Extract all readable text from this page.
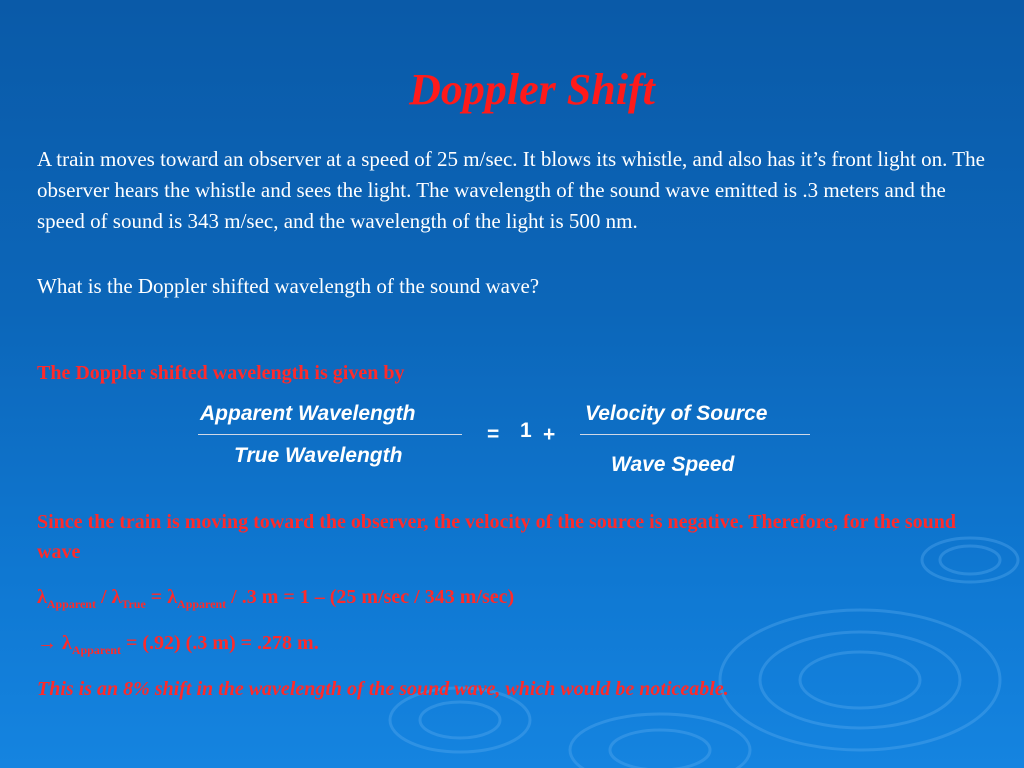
Doppler Shift
A train moves toward an observer at a speed of 25 m/sec. It blows its whistle, and also has it’s front light on. The observer hears the whistle and sees the light. The wavelength of the sound wave emitted is .3 meters and the speed of sound is 343 m/sec, and the wavelength of the light is 500 nm.
What is the Doppler shifted wavelength of the sound wave?
The Doppler shifted wavelength is given by
Apparent Wavelength
True Wavelength
= 1 +
Velocity of Source
Wave Speed
Since the train is moving toward the observer, the velocity of the source is negative. Therefore, for the sound wave
$\lambda_{Apparent} / \lambda_{True} = \lambda_{Apparent} / .3$ m = 1 – (25 m/sec / 343 m/sec)
→ $\lambda_{Apparent} = (.92)$ (.3 m) = .278 m.
This is an 8% shift in the wavelength of the sound wave, which would be noticeable.
